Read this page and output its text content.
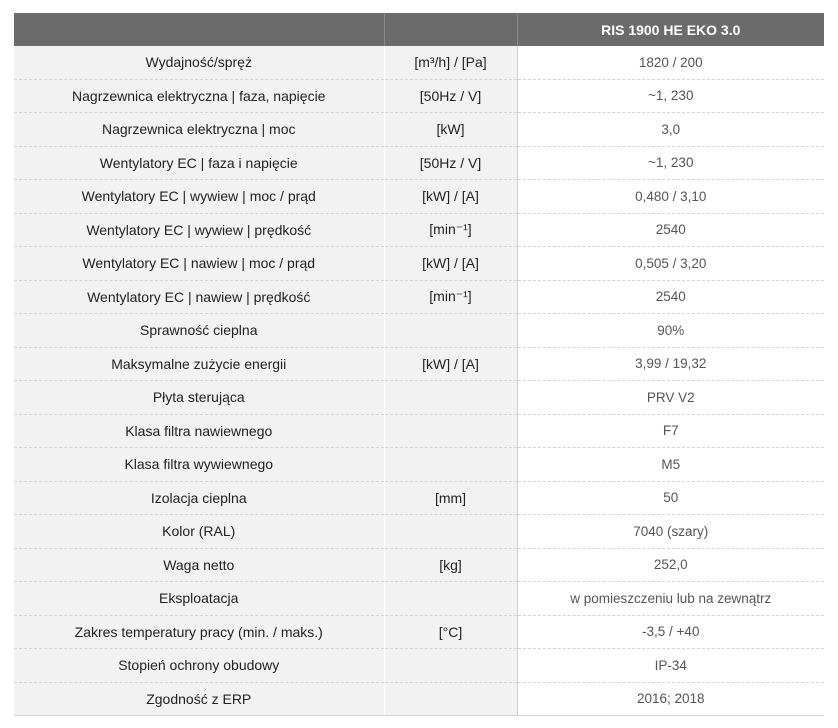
		RIS 1900 HE EKO 3.0
Wydajność/spręż	[m³/h] / [Pa]	1820 / 200
Nagrzewnica elektryczna | faza, napięcie	[50Hz / V]	~1, 230
Nagrzewnica elektryczna | moc	[kW]	3,0
Wentylatory EC | faza i napięcie	[50Hz / V]	~1, 230
Wentylatory EC | wywiew | moc / prąd	[kW] / [A]	0,480 / 3,10
Wentylatory EC | wywiew | prędkość	[min⁻¹]	2540
Wentylatory EC | nawiew | moc / prąd	[kW] / [A]	0,505 / 3,20
Wentylatory EC | nawiew | prędkość	[min⁻¹]	2540
Sprawność cieplna		90%
Maksymalne zużycie energii	[kW] / [A]	3,99 / 19,32
Płyta sterująca		PRV V2
Klasa filtra nawiewnego		F7
Klasa filtra wywiewnego		M5
Izolacja cieplna	[mm]	50
Kolor (RAL)		7040 (szary)
Waga netto	[kg]	252,0
Eksploatacja		w pomieszczeniu lub na zewnątrz
Zakres temperatury pracy (min. / maks.)	[°C]	-3,5 / +40
Stopień ochrony obudowy		IP-34
Zgodność z ERP		2016; 2018
